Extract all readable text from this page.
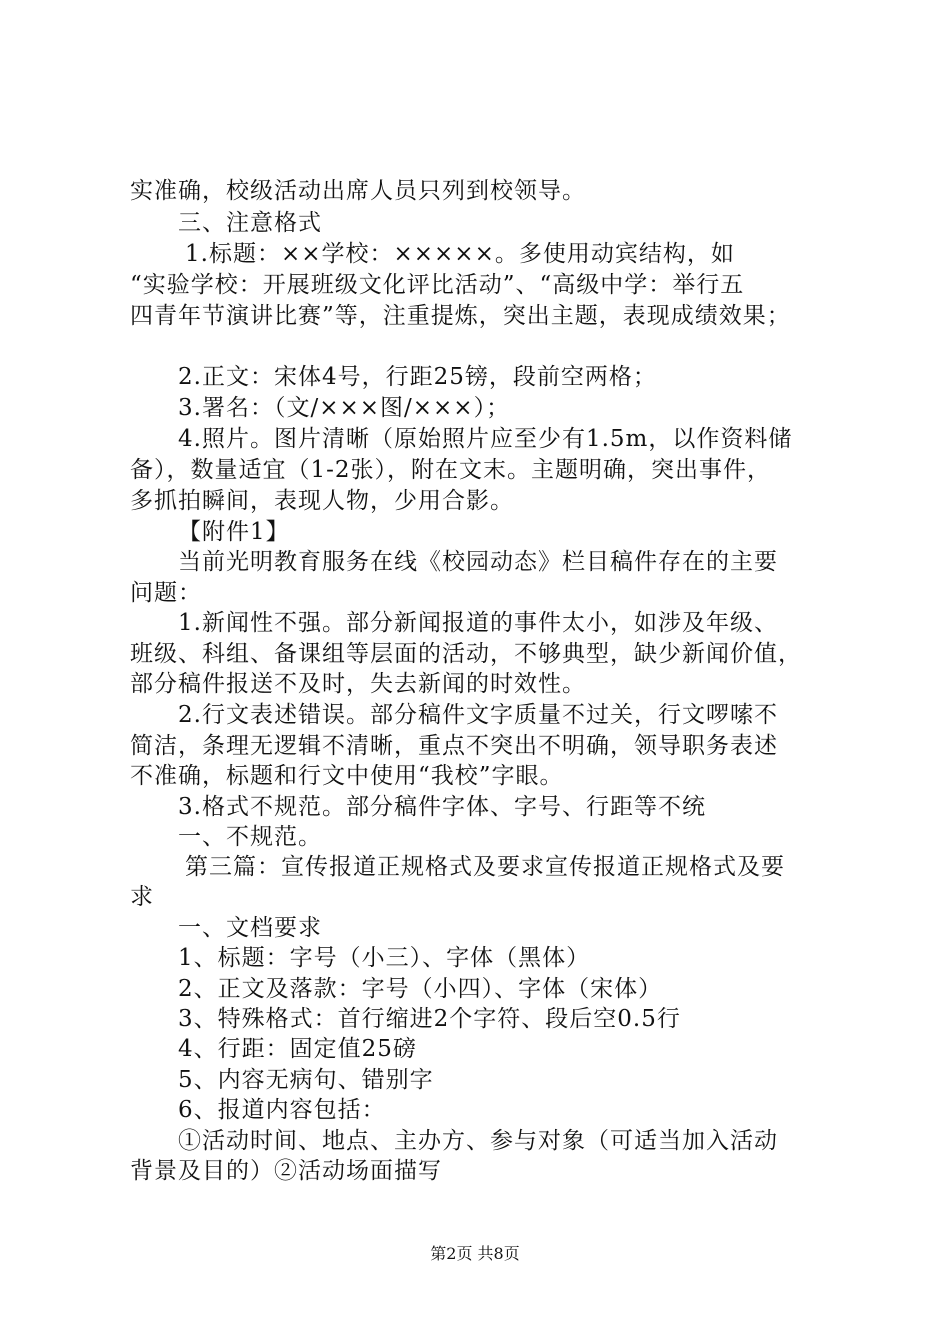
实准确，校级活动出席人员只列到校领导。
三、注意格式
1.标题：××学校：×××××。多使用动宾结构，如
“实验学校：开展班级文化评比活动”、“高级中学：举行五
四青年节演讲比赛”等，注重提炼，突出主题，表现成绩效果；
2.正文：宋体4号，行距25镑，段前空两格；
3.署名：（文/×××图/×××）；
4.照片。图片清晰（原始照片应至少有1.5m，以作资料储
备），数量适宜（1-2张），附在文末。主题明确，突出事件，
多抓拍瞬间，表现人物，少用合影。
【附件1】
当前光明教育服务在线《校园动态》栏目稿件存在的主要
问题：
1.新闻性不强。部分新闻报道的事件太小，如涉及年级、
班级、科组、备课组等层面的活动，不够典型，缺少新闻价值，
部分稿件报送不及时，失去新闻的时效性。
2.行文表述错误。部分稿件文字质量不过关，行文啰嗦不
简洁，条理无逻辑不清晰，重点不突出不明确，领导职务表述
不准确，标题和行文中使用“我校”字眼。
3.格式不规范。部分稿件字体、字号、行距等不统
一、不规范。
第三篇：宣传报道正规格式及要求宣传报道正规格式及要
求
一、文档要求
1、标题：字号（小三）、字体（黑体）
2、正文及落款：字号（小四）、字体（宋体）
3、特殊格式：首行缩进2个字符、段后空0.5行
4、行距：固定值25磅
5、内容无病句、错别字
6、报道内容包括：
①活动时间、地点、主办方、参与对象（可适当加入活动
背景及目的）②活动场面描写
第2页 共8页
